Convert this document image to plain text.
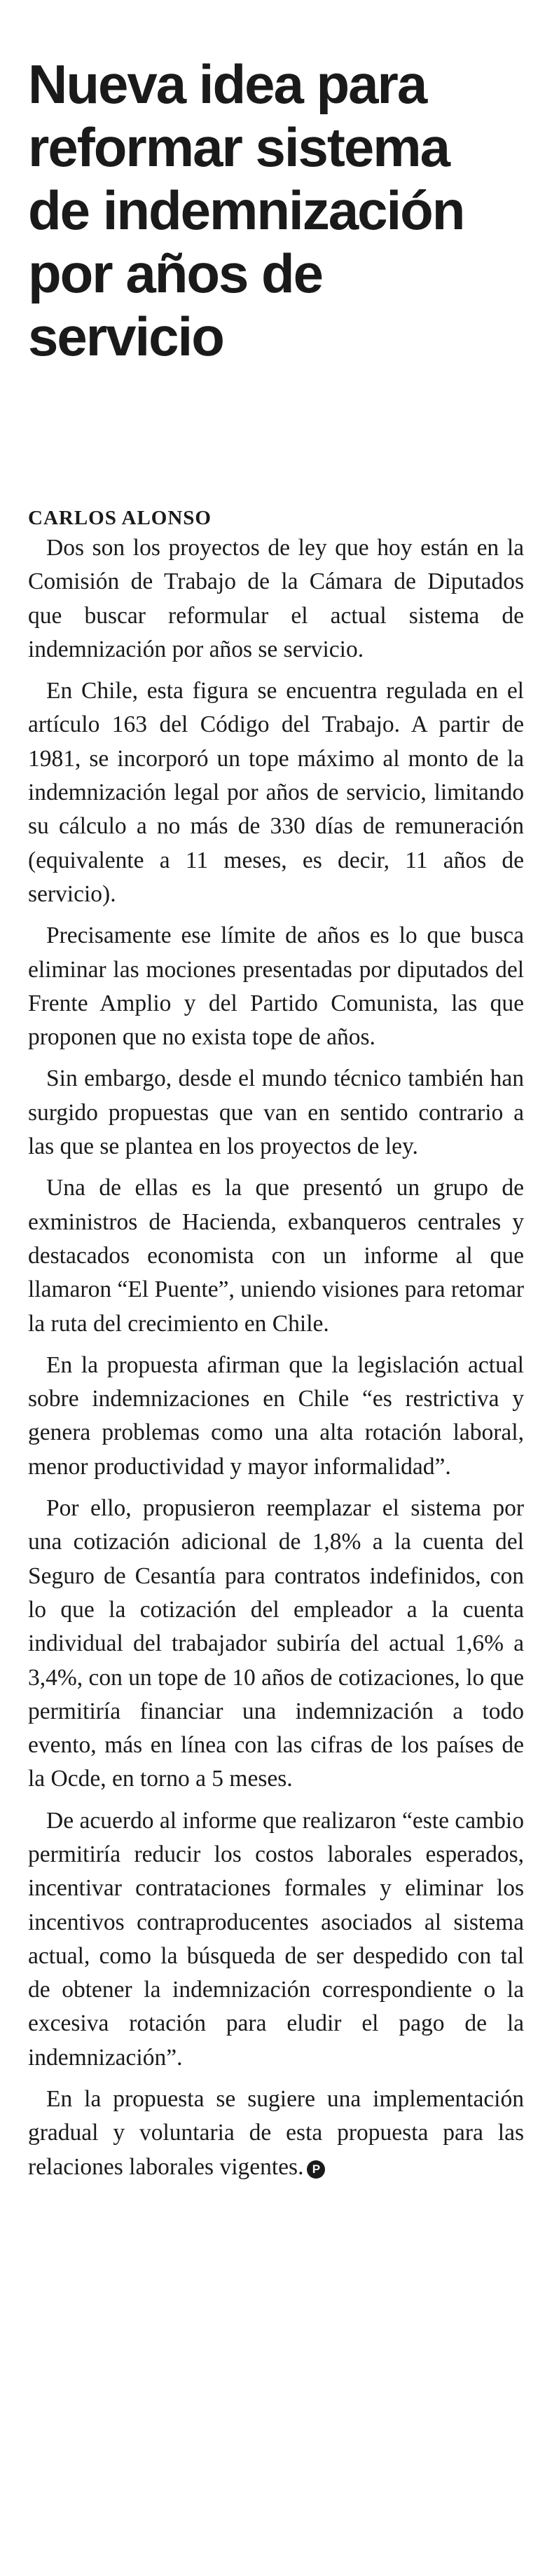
Nueva idea para
reformar sistema
de indemnización
por años de
servicio
CARLOS ALONSO

Dos son los proyectos de ley que hoy están en la Comisión de Trabajo de la Cámara de Diputados que buscar reformular el actual sistema de indemnización por años se servicio.

En Chile, esta figura se encuentra regulada en el artículo 163 del Código del Trabajo. A partir de 1981, se incorporó un tope máximo al monto de la indemnización legal por años de servicio, limitando su cálculo a no más de 330 días de remuneración (equivalente a 11 meses, es decir, 11 años de servicio).

Precisamente ese límite de años es lo que busca eliminar las mociones presentadas por diputados del Frente Amplio y del Partido Comunista, las que proponen que no exista tope de años.

Sin embargo, desde el mundo técnico también han surgido propuestas que van en sentido contrario a las que se plantea en los proyectos de ley.

Una de ellas es la que presentó un grupo de exministros de Hacienda, exbanqueros centrales y destacados economista con un informe al que llamaron “El Puente”, uniendo visiones para retomar la ruta del crecimiento en Chile.

En la propuesta afirman que la legislación actual sobre indemnizaciones en Chile “es restrictiva y genera problemas como una alta rotación laboral, menor productividad y mayor informalidad”.

Por ello, propusieron reemplazar el sistema por una cotización adicional de 1,8% a la cuenta del Seguro de Cesantía para contratos indefinidos, con lo que la cotización del empleador a la cuenta individual del trabajador subiría del actual 1,6% a 3,4%, con un tope de 10 años de cotizaciones, lo que permitiría financiar una indemnización a todo evento, más en línea con las cifras de los países de la Ocde, en torno a 5 meses.

De acuerdo al informe que realizaron “este cambio permitiría reducir los costos laborales esperados, incentivar contrataciones formales y eliminar los incentivos contraproducentes asociados al sistema actual, como la búsqueda de ser despedido con tal de obtener la indemnización correspondiente o la excesiva rotación para eludir el pago de la indemnización”.

En la propuesta se sugiere una implementación gradual y voluntaria de esta propuesta para las relaciones laborales vigentes. P
